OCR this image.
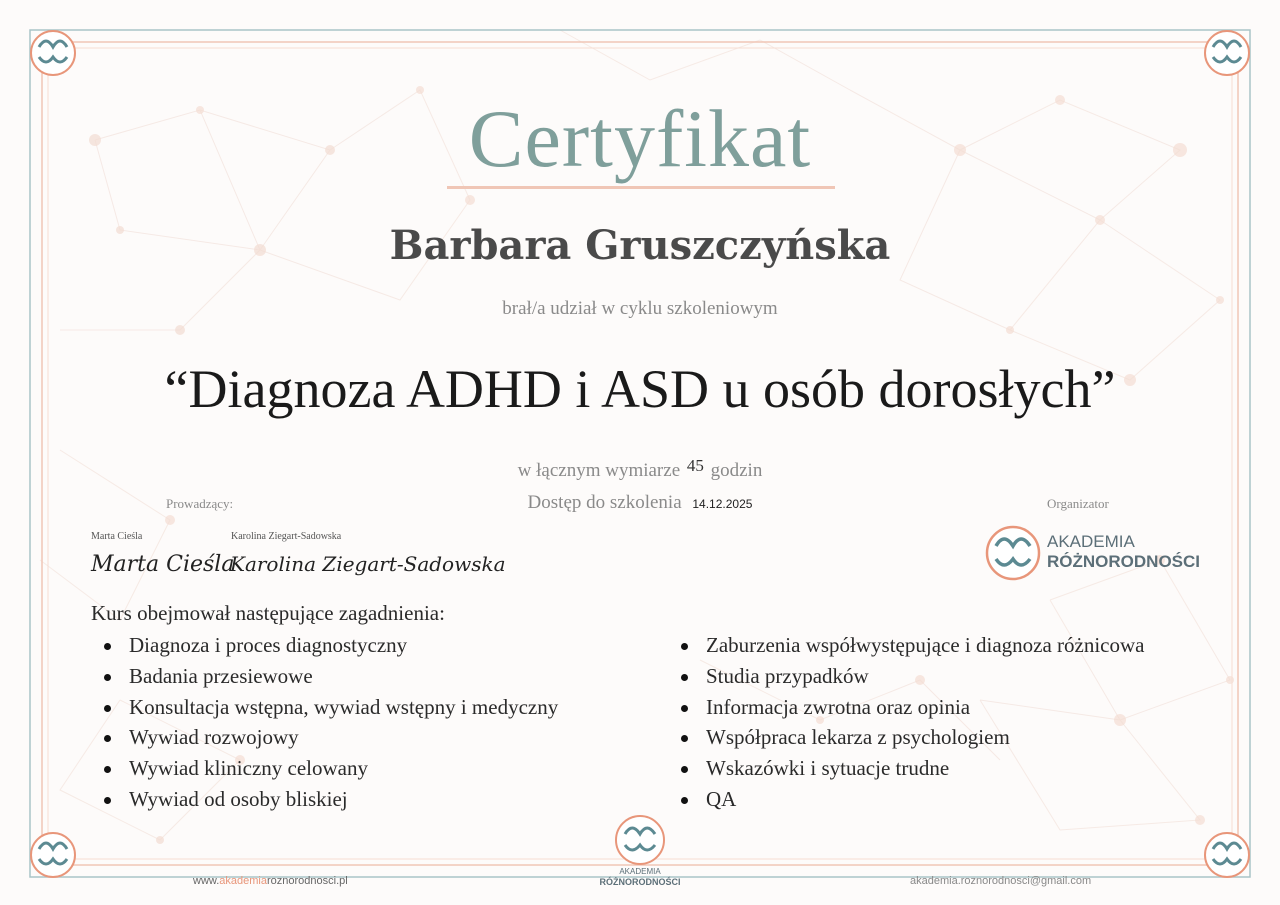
Certyfikat
Barbara Gruszczyńska
brał/a udział w cyklu szkoleniowym
“Diagnoza ADHD i ASD u osób dorosłych”
w łącznym wymiarze 45 godzin
Dostęp do szkolenia 14.12.2025
Prowadzący:
Marta Cieśla	Karolina Ziegart-Sadowska
Marta Cieśla
Karolina Ziegart-Sadowska
Organizator
AKADEMIA
RÓŻNORODNOŚCI
Kurs obejmował następujące zagadnienia:
Diagnoza i proces diagnostyczny
Badania przesiewowe
Konsultacja wstępna, wywiad wstępny i medyczny
Wywiad rozwojowy
Wywiad kliniczny celowany
Wywiad od osoby bliskiej
Zaburzenia współwystępujące i diagnoza różnicowa
Studia przypadków
Informacja zwrotna oraz opinia
Współpraca lekarza z psychologiem
Wskazówki i sytuacje trudne
QA
www.akademiaroznorodnosci.pl
AKADEMIA
RÓŻNORODNOŚCI	akademia.roznorodnosci@gmail.com
